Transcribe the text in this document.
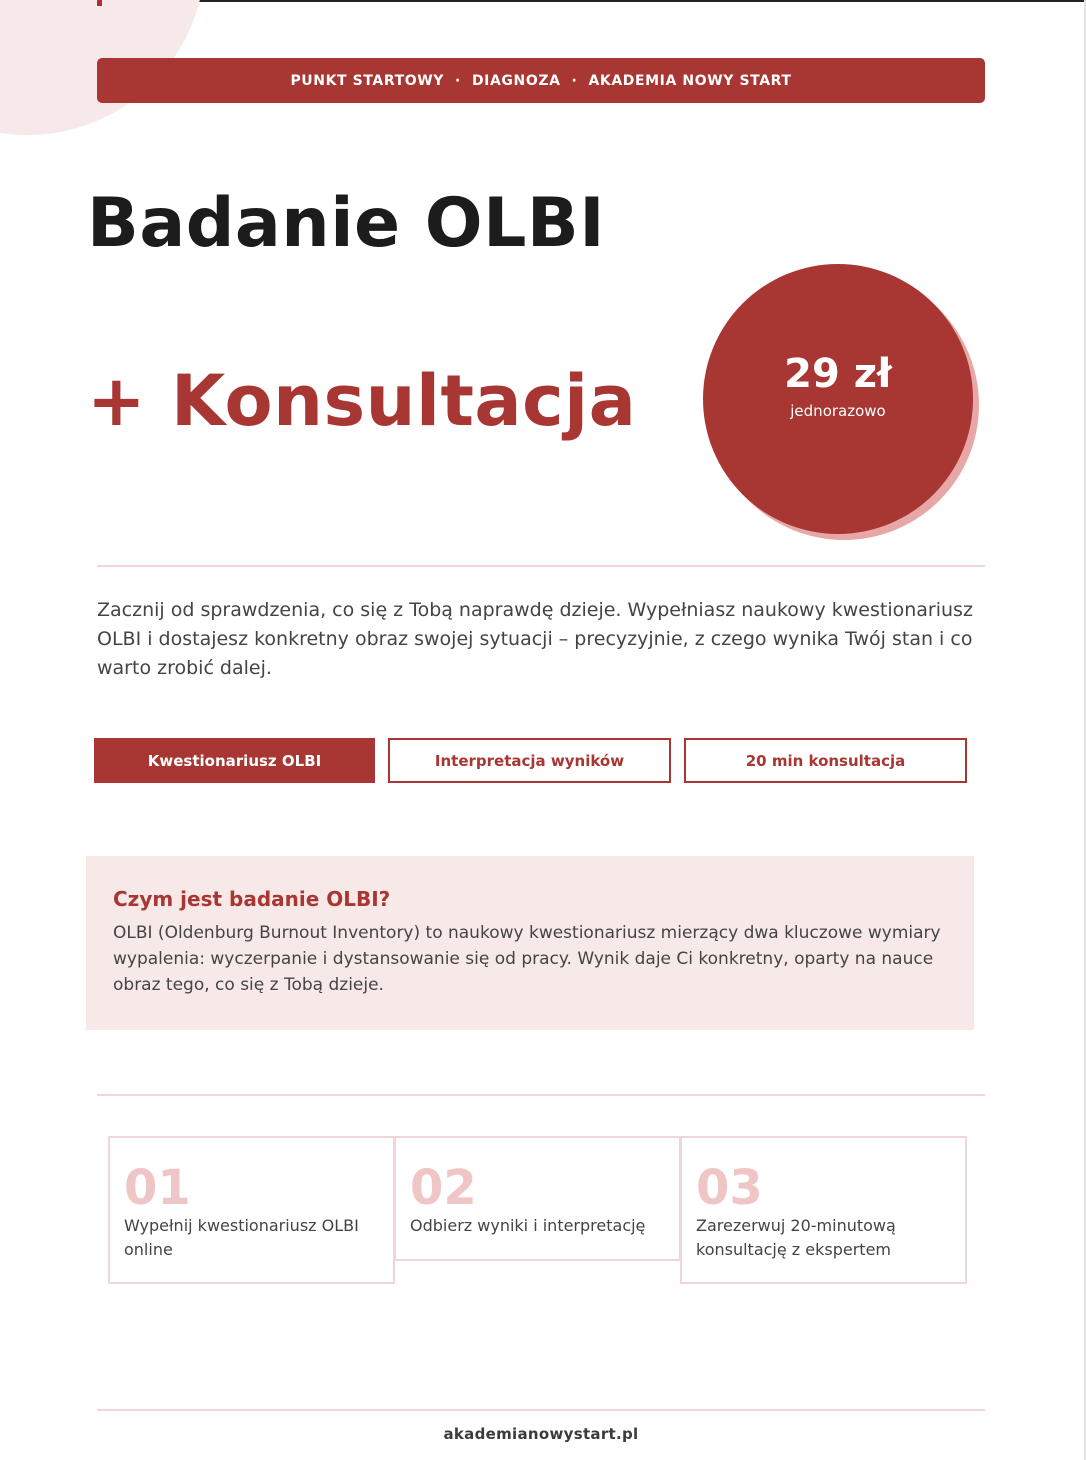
PUNKT STARTOWY · DIAGNOZA · AKADEMIA NOWY START
Badanie OLBI
+ Konsultacja	29 zł
jednorazowo

Zacznij od sprawdzenia, co się z Tobą naprawdę dzieje. Wypełniasz naukowy kwestionariusz OLBI i dostajesz konkretny obraz swojej sytuacji – precyzyjnie, z czego wynika Twój stan i co warto zrobić dalej.

Kwestionariusz OLBI	Interpretacja wyników	20 min konsultacja
Czym jest badanie OLBI?

OLBI (Oldenburg Burnout Inventory) to naukowy kwestionariusz mierzący dwa kluczowe wymiary wypalenia: wyczerpanie i dystansowanie się od pracy. Wynik daje Ci konkretny, oparty na nauce obraz tego, co się z Tobą dzieje.

01
Wypełnij kwestionariusz OLBI online
02
Odbierz wyniki i interpretację
03
Zarezerwuj 20-minutową konsultację z ekspertem
akademianowystart.pl
